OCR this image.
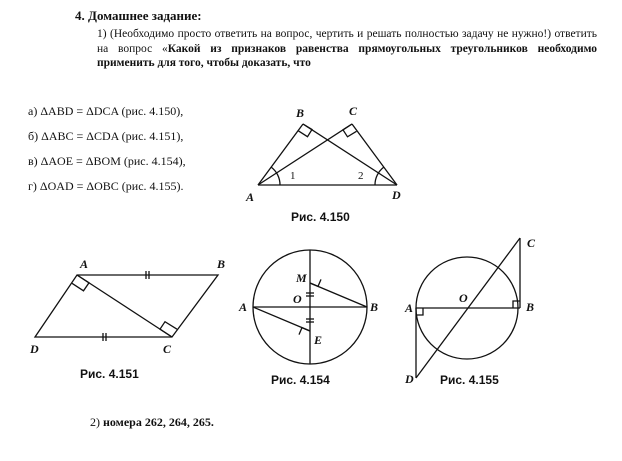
4. Домашнее задание:
1) (Необходимо просто ответить на вопрос, чертить и решать полностью задачу не нужно!) ответить на вопрос «Какой из признаков равенства прямоугольных треугольников необходимо применить для того, чтобы доказать, что
а) ΔABD = ΔDCA (рис. 4.150),
б) ΔABC = ΔCDA (рис. 4.151),
в) ΔAOE = ΔBOM (рис. 4.154),
г) ΔOAD = ΔOBC (рис. 4.155).
B	C
A	D
1	2
Рис. 4.150
A	B
C
D
Рис. 4.151
A	B
M
O
E
Рис. 4.154
A	B
C
D
O
Рис. 4.155
2) номера 262, 264, 265.
